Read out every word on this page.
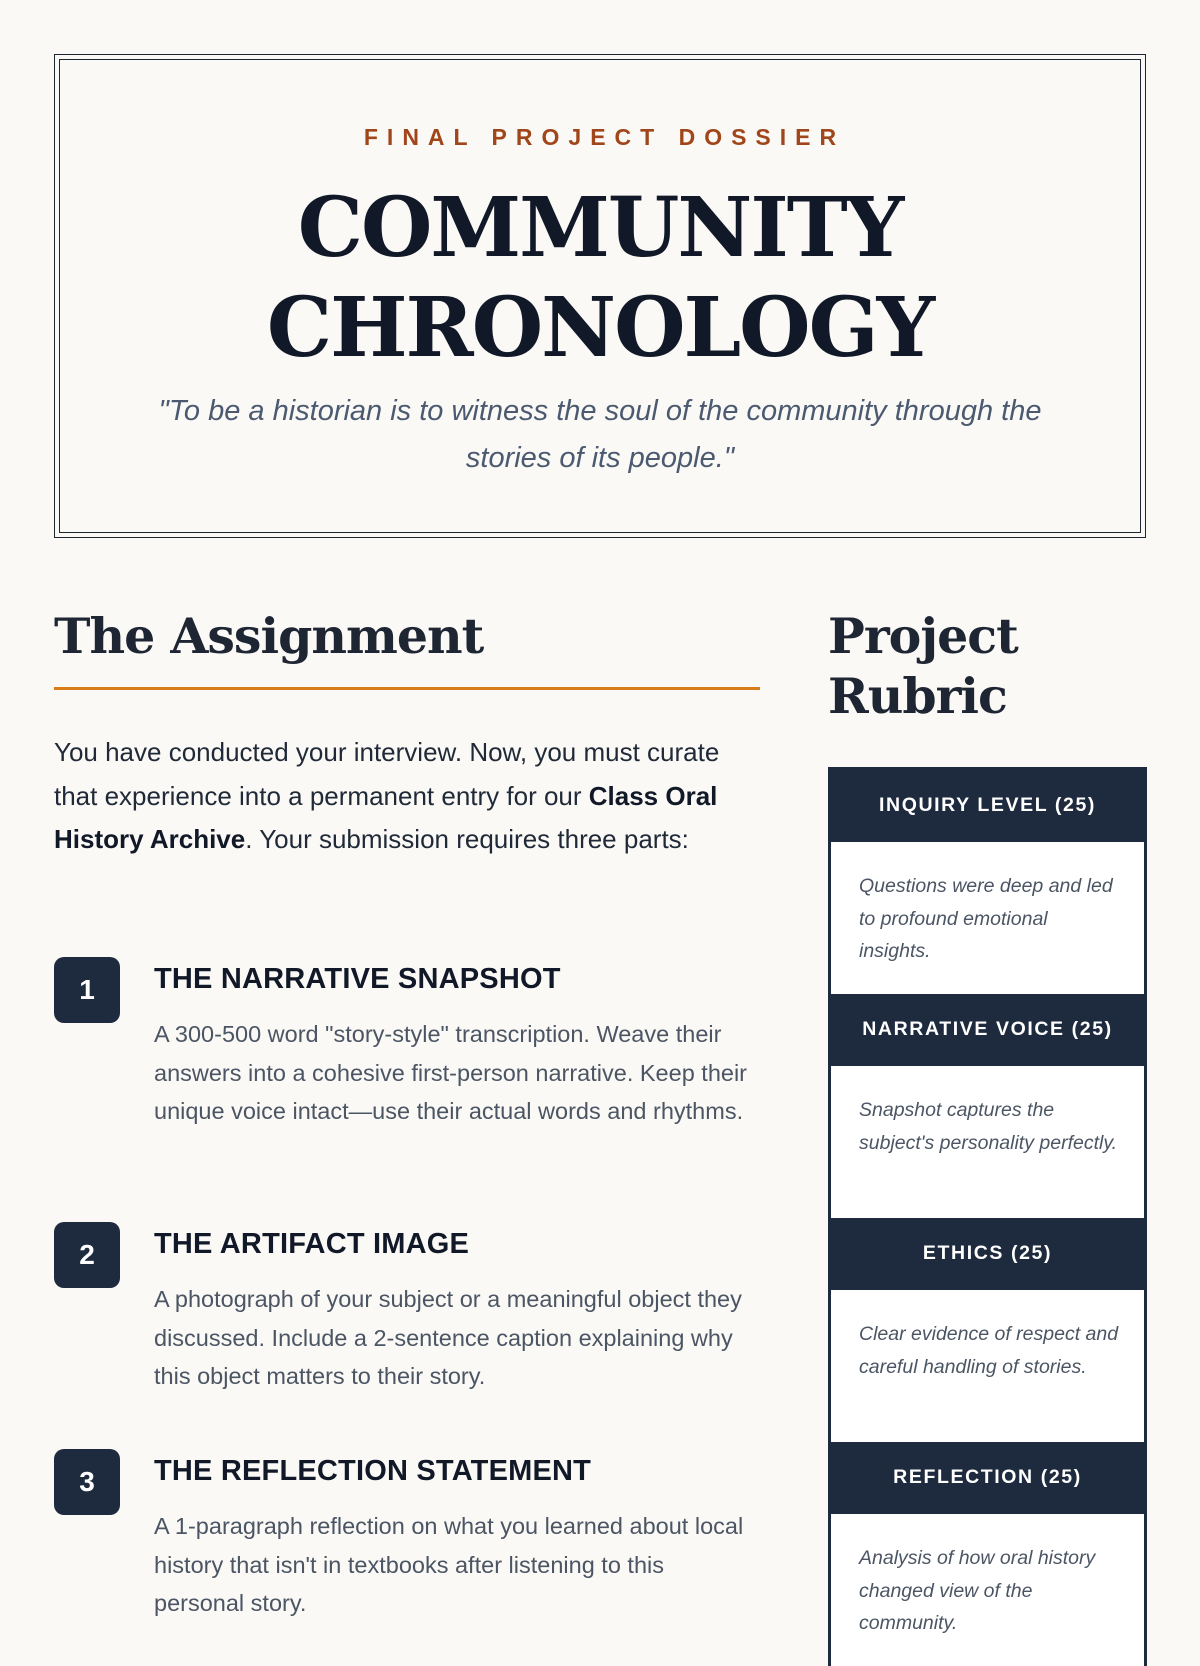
FINAL PROJECT DOSSIER
COMMUNITY
CHRONOLOGY
"To be a historian is to witness the soul of the community through the stories of its people."
The Assignment

You have conducted your interview. Now, you must curate that experience into a permanent entry for our Class Oral History Archive. Your submission requires three parts:

1	THE NARRATIVE SNAPSHOT

A 300-500 word "story-style" transcription. Weave their answers into a cohesive first-person narrative. Keep their unique voice intact—use their actual words and rhythms.

2	THE ARTIFACT IMAGE

A photograph of your subject or a meaningful object they discussed. Include a 2-sentence caption explaining why this object matters to their story.

3	THE REFLECTION STATEMENT

A 1-paragraph reflection on what you learned about local history that isn't in textbooks after listening to this personal story.

Project
Rubric
INQUIRY LEVEL (25)
Questions were deep and led to profound emotional insights.
NARRATIVE VOICE (25)
Snapshot captures the subject's personality perfectly.
ETHICS (25)
Clear evidence of respect and careful handling of stories.
REFLECTION (25)
Analysis of how oral history changed view of the community.
